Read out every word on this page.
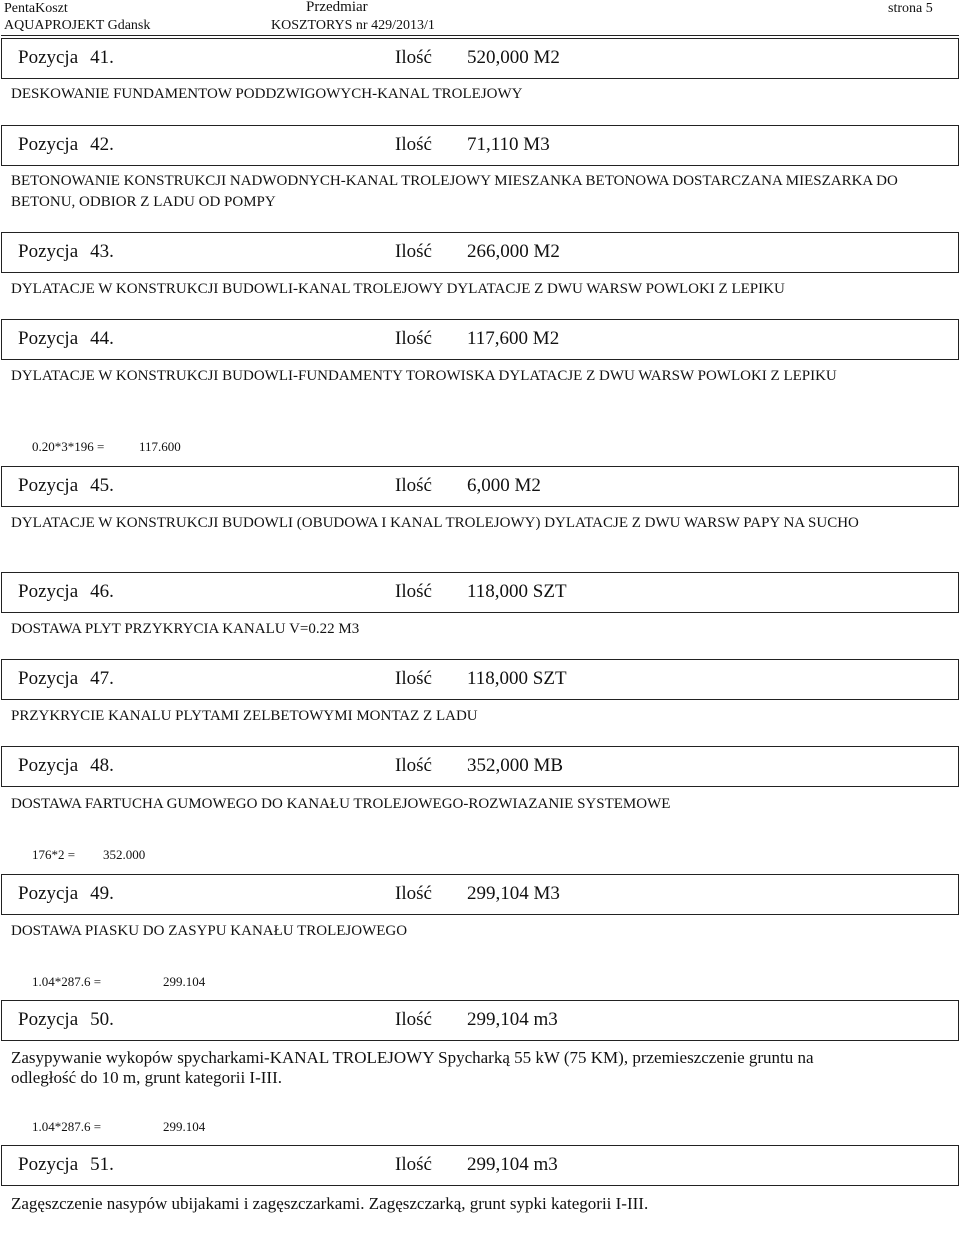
PentaKoszt
AQUAPROJEKT Gdansk
Przedmiar
KOSZTORYS nr 429/2013/1
strona 5
Pozycja 41.	Ilość 520,000 M2
DESKOWANIE FUNDAMENTOW PODDZWIGOWYCH-KANAL TROLEJOWY
Pozycja 42.	Ilość 71,110 M3
BETONOWANIE KONSTRUKCJI NADWODNYCH-KANAL TROLEJOWY MIESZANKA BETONOWA DOSTARCZANA MIESZARKA DO BETONU, ODBIOR Z LADU OD POMPY
Pozycja 43.	Ilość 266,000 M2
DYLATACJE W KONSTRUKCJI BUDOWLI-KANAL TROLEJOWY DYLATACJE Z DWU WARSW POWLOKI Z LEPIKU
Pozycja 44.	Ilość 117,600 M2
DYLATACJE W KONSTRUKCJI BUDOWLI-FUNDAMENTY TOROWISKA DYLATACJE Z DWU WARSW POWLOKI Z LEPIKU
0.20*3*196 =	117.600
Pozycja 45.	Ilość 6,000 M2
DYLATACJE W KONSTRUKCJI BUDOWLI (OBUDOWA I KANAL TROLEJOWY) DYLATACJE Z DWU WARSW PAPY NA SUCHO
Pozycja 46.	Ilość 118,000 SZT
DOSTAWA PLYT PRZYKRYCIA KANALU V=0.22 M3
Pozycja 47.	Ilość 118,000 SZT
PRZYKRYCIE KANALU PLYTAMI ZELBETOWYMI MONTAZ Z LADU
Pozycja 48.	Ilość 352,000 MB
DOSTAWA FARTUCHA GUMOWEGO DO KANAŁU TROLEJOWEGO-ROZWIAZANIE SYSTEMOWE
176*2 = 352.000
Pozycja 49.	Ilość 299,104 M3
DOSTAWA PIASKU DO ZASYPU KANAŁU TROLEJOWEGO
1.04*287.6 =	299.104
Pozycja 50.	Ilość 299,104 m3
Zasypywanie wykopów spycharkami-KANAL TROLEJOWY Spycharką 55 kW (75 KM), przemieszczenie gruntu na odległość do 10 m, grunt kategorii I-III.
1.04*287.6 =	299.104
Pozycja 51.	Ilość 299,104 m3
Zagęszczenie nasypów ubijakami i zagęszczarkami. Zagęszczarką, grunt sypki kategorii I-III.
